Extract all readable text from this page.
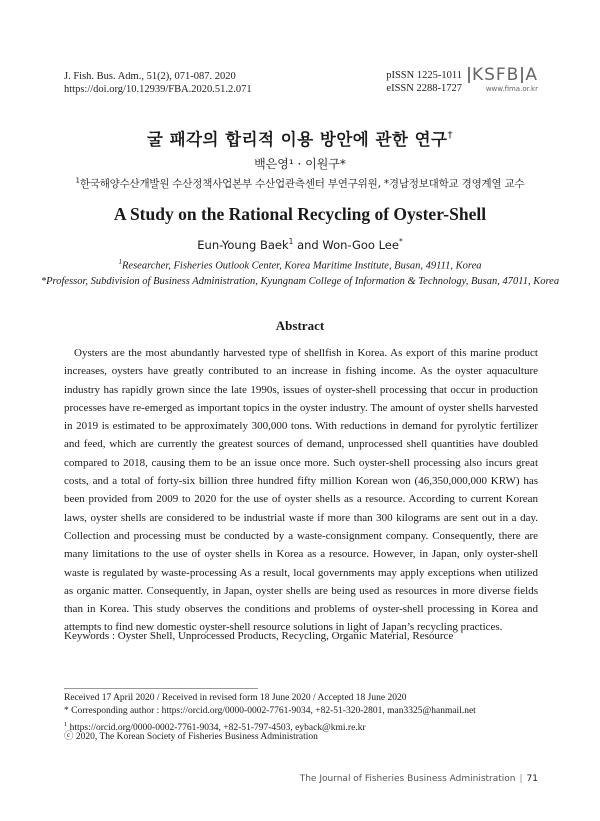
J. Fish. Bus. Adm., 51(2), 071-087. 2020
https://doi.org/10.12939/FBA.2020.51.2.071
pISSN 1225-1011
eISSN 2288-1727
KSFB A
www.fima.or.kr
굴 패각의 합리적 이용 방안에 관한 연구†
백은영¹ · 이원구*
$^1$한국해양수산개발원 수산정책사업본부 수산업관측센터 부연구위원, *경남정보대학교 경영계열 교수
A Study on the Rational Recycling of Oyster-Shell
Eun-Young Baek$^1$ and Won-Goo Lee*
$^1$Researcher, Fisheries Outlook Center, Korea Maritime Institute, Busan, 49111, Korea
*Professor, Subdivision of Business Administration, Kyungnam College of Information & Technology, Busan, 47011, Korea
Abstract

Oysters are the most abundantly harvested type of shellfish in Korea. As export of this marine product increases, oysters have greatly contributed to an increase in fishing income. As the oyster aquaculture industry has rapidly grown since the late 1990s, issues of oyster-shell processing that occur in production processes have re-emerged as important topics in the oyster industry. The amount of oyster shells harvested in 2019 is estimated to be approximately 300,000 tons. With reductions in demand for pyrolytic fertilizer and feed, which are currently the greatest sources of demand, unprocessed shell quantities have doubled compared to 2018, causing them to be an issue once more. Such oyster-shell processing also incurs great costs, and a total of forty-six billion three hundred fifty million Korean won (46,350,000,000 KRW) has been provided from 2009 to 2020 for the use of oyster shells as a resource. According to current Korean laws, oyster shells are considered to be industrial waste if more than 300 kilograms are sent out in a day. Collection and processing must be conducted by a waste-consignment company. Consequently, there are many limitations to the use of oyster shells in Korea as a resource. However, in Japan, only oyster-shell waste is regulated by waste-processing As a result, local governments may apply exceptions when utilized as organic matter. Consequently, in Japan, oyster shells are being used as resources in more diverse fields than in Korea. This study observes the conditions and problems of oyster-shell processing in Korea and attempts to find new domestic oyster-shell resource solutions in light of Japan’s recycling practices.

Keywords : Oyster Shell, Unprocessed Products, Recycling, Organic Material, Resource
Received 17 April 2020 / Received in revised form 18 June 2020 / Accepted 18 June 2020
* Corresponding author : https://orcid.org/0000-0002-7761-9034, +82-51-320-2801, man3325@hanmail.net
$^1$ https://orcid.org/0000-0002-7761-9034, +82-51-797-4503, eyback@kmi.re.kr
ⓒ 2020, The Korean Society of Fisheries Business Administration
The Journal of Fisheries Business Administration | 71
